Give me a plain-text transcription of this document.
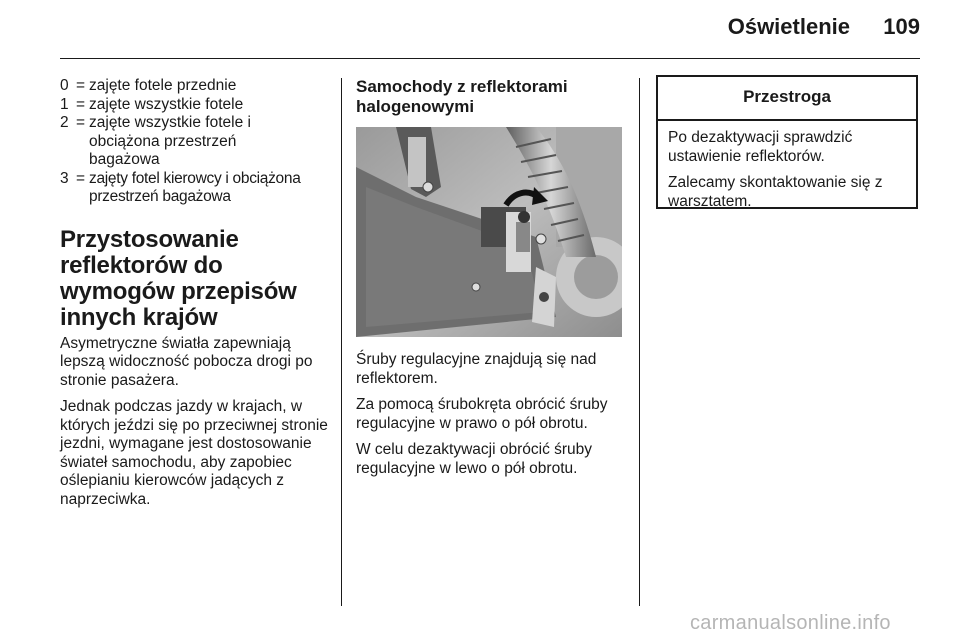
Oświetlenie 109
0 = zajęte fotele przednie
1 = zajęte wszystkie fotele
2 = zajęte wszystkie fotele i obciążona przestrzeń bagażowa
3 = zajęty fotel kierowcy i obciążona przestrzeń bagażowa
Przystosowanie reflektorów do wymogów przepisów innych krajów

Asymetryczne światła zapewniają lepszą widoczność pobocza drogi po stronie pasażera.

Jednak podczas jazdy w krajach, w których jeździ się po przeciwnej stronie jezdni, wymagane jest dostosowanie świateł samochodu, aby zapobiec oślepianiu kierowców jadących z naprzeciwka.

Samochody z reflektorami halogenowymi

Śruby regulacyjne znajdują się nad reflektorem.

Za pomocą śrubokręta obrócić śruby regulacyjne w prawo o pół obrotu.

W celu dezaktywacji obrócić śruby regulacyjne w lewo o pół obrotu.

Przestroga

Po dezaktywacji sprawdzić ustawienie reflektorów.

Zalecamy skontaktowanie się z warsztatem.

carmanualsonline.info
